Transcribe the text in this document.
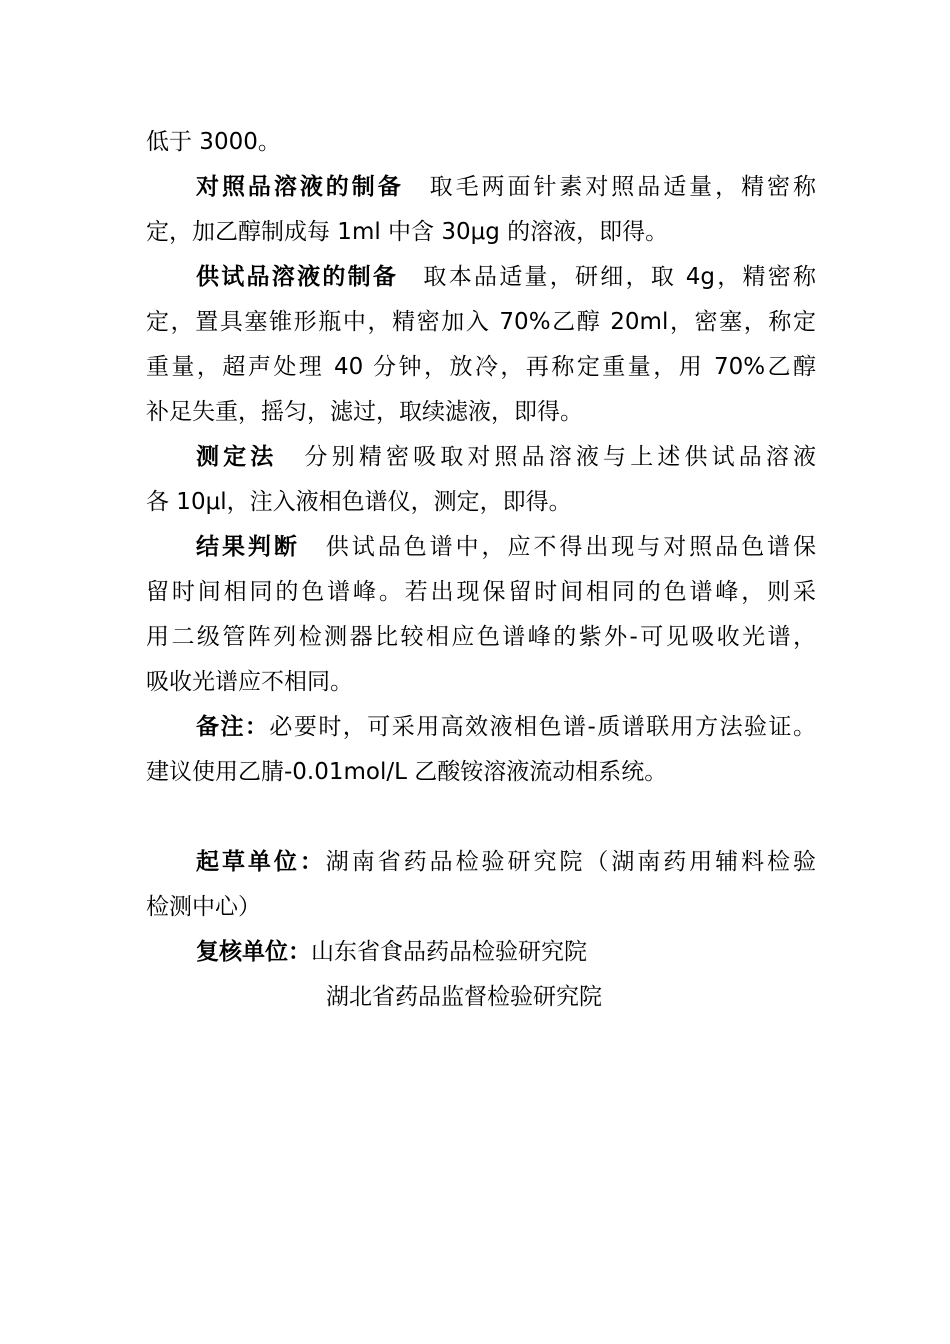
低于 3000。
对照品溶液的制备  取毛两面针素对照品适量，精密称
定，加乙醇制成每 1ml 中含 30μg 的溶液，即得。
供试品溶液的制备  取本品适量，研细，取 4g，精密称
定，置具塞锥形瓶中，精密加入 70%乙醇 20ml，密塞，称定
重量，超声处理 40 分钟，放冷，再称定重量，用 70%乙醇
补足失重，摇匀，滤过，取续滤液，即得。
测定法  分别精密吸取对照品溶液与上述供试品溶液
各 10μl，注入液相色谱仪，测定，即得。
结果判断  供试品色谱中，应不得出现与对照品色谱保
留时间相同的色谱峰。若出现保留时间相同的色谱峰，则采
用二级管阵列检测器比较相应色谱峰的紫外-可见吸收光谱，
吸收光谱应不相同。
备注：必要时，可采用高效液相色谱-质谱联用方法验证。
建议使用乙腈-0.01mol/L 乙酸铵溶液流动相系统。
起草单位：湖南省药品检验研究院（湖南药用辅料检验
检测中心）
复核单位：山东省食品药品检验研究院
湖北省药品监督检验研究院
